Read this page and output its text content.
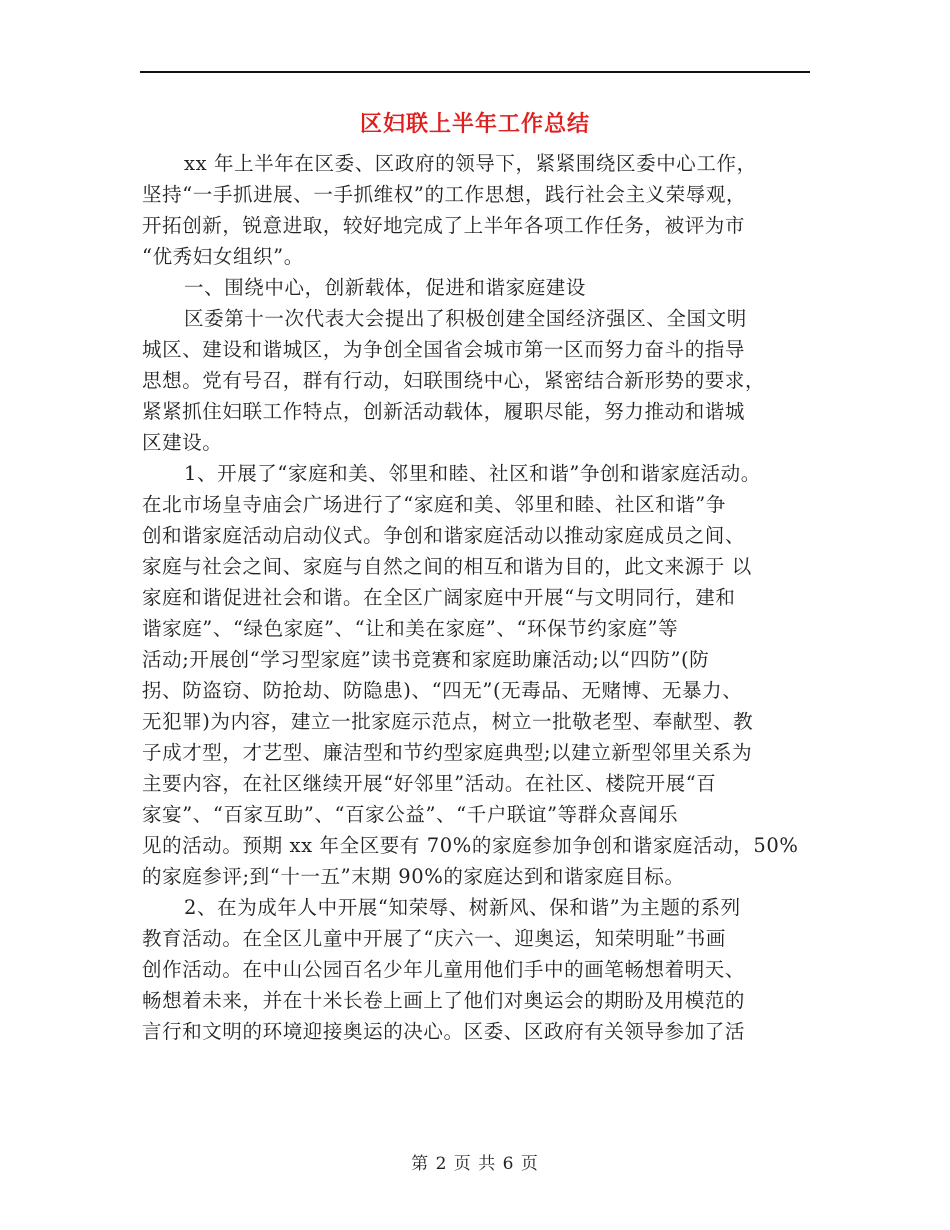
区妇联上半年工作总结
xx 年上半年在区委、区政府的领导下，紧紧围绕区委中心工作，
坚持“一手抓进展、一手抓维权”的工作思想，践行社会主义荣辱观，
开拓创新，锐意进取，较好地完成了上半年各项工作任务，被评为市
“优秀妇女组织”。
一、围绕中心，创新载体，促进和谐家庭建设
区委第十一次代表大会提出了积极创建全国经济强区、全国文明
城区、建设和谐城区，为争创全国省会城市第一区而努力奋斗的指导
思想。党有号召，群有行动，妇联围绕中心，紧密结合新形势的要求，
紧紧抓住妇联工作特点，创新活动载体，履职尽能，努力推动和谐城
区建设。
1、开展了“家庭和美、邻里和睦、社区和谐”争创和谐家庭活动。
在北市场皇寺庙会广场进行了“家庭和美、邻里和睦、社区和谐”争
创和谐家庭活动启动仪式。争创和谐家庭活动以推动家庭成员之间、
家庭与社会之间、家庭与自然之间的相互和谐为目的，此文来源于 以
家庭和谐促进社会和谐。在全区广阔家庭中开展“与文明同行，建和
谐家庭”、“绿色家庭”、“让和美在家庭”、“环保节约家庭”等
活动;开展创“学习型家庭”读书竞赛和家庭助廉活动;以“四防”(防
拐、防盗窃、防抢劫、防隐患)、“四无”(无毒品、无赌博、无暴力、
无犯罪)为内容，建立一批家庭示范点，树立一批敬老型、奉献型、教
子成才型，才艺型、廉洁型和节约型家庭典型;以建立新型邻里关系为
主要内容，在社区继续开展“好邻里”活动。在社区、楼院开展“百
家宴”、“百家互助”、“百家公益”、“千户联谊”等群众喜闻乐
见的活动。预期 xx 年全区要有 70%的家庭参加争创和谐家庭活动，50%
的家庭参评;到“十一五”末期 90%的家庭达到和谐家庭目标。
2、在为成年人中开展“知荣辱、树新风、保和谐”为主题的系列
教育活动。在全区儿童中开展了“庆六一、迎奥运，知荣明耻”书画
创作活动。在中山公园百名少年儿童用他们手中的画笔畅想着明天、
畅想着未来，并在十米长卷上画上了他们对奥运会的期盼及用模范的
言行和文明的环境迎接奥运的决心。区委、区政府有关领导参加了活
第 2 页 共 6 页
